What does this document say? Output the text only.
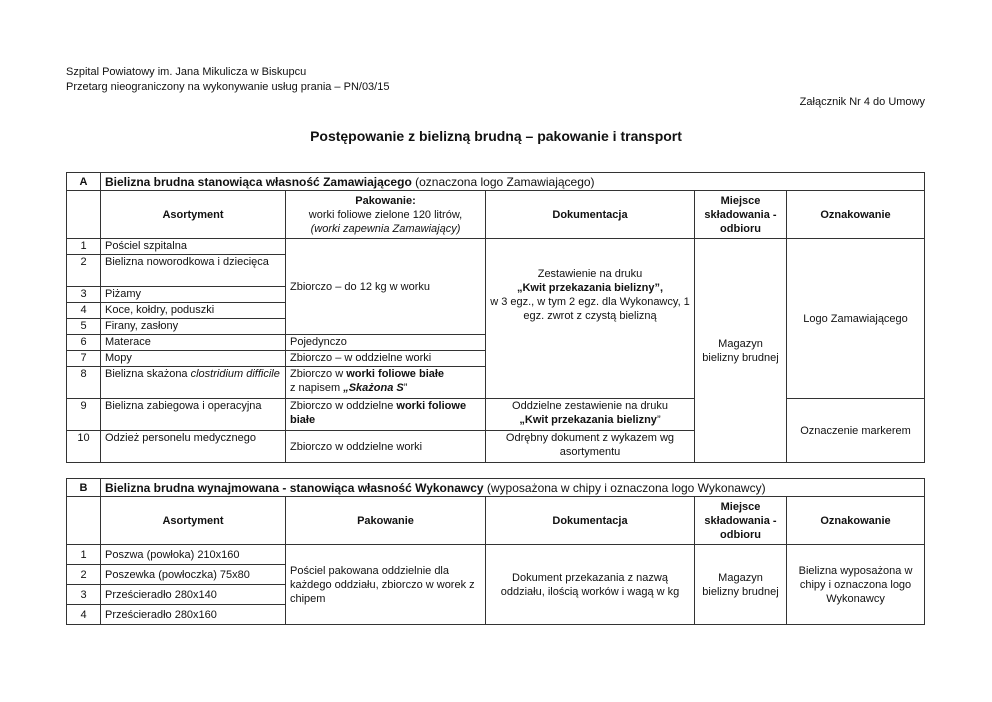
Szpital Powiatowy im. Jana Mikulicza w Biskupcu
Przetarg nieograniczony na wykonywanie usług prania – PN/03/15
Załącznik Nr 4 do Umowy
Postępowanie z bielizną brudną – pakowanie i transport
A	Bielizna brudna stanowiąca własność Zamawiającego (oznaczona logo Zamawiającego)				
	Asortyment	Pakowanie:
worki foliowe zielone 120 litrów,
(worki zapewnia Zamawiający)	Dokumentacja	Miejsce składowania - odbioru	Oznakowanie
1	Pościel szpitalna	Zbiorczo – do 12 kg w worku	Zestawienie na druku
„Kwit przekazania bielizny”,
w 3 egz., w tym 2 egz. dla Wykonawcy, 1 egz. zwrot z czystą bielizną	Magazyn bielizny brudnej	Logo Zamawiającego
2	Bielizna noworodkowa i dziecięca				
3	Piżamy				
4	Koce, kołdry, poduszki				
5	Firany, zasłony				
6	Materace	Pojedynczo			
7	Mopy	Zbiorczo – w oddzielne worki			
8	Bielizna skażona clostridium difficile	Zbiorczo w worki foliowe białe
z napisem „Skażona S”			
9	Bielizna zabiegowa i operacyjna	Zbiorczo w oddzielne worki foliowe białe	Oddzielne zestawienie na druku
„Kwit przekazania bielizny”		Oznaczenie markerem
10	Odzież personelu medycznego	Zbiorczo w oddzielne worki	Odrębny dokument z wykazem wg asortymentu		
B	Bielizna brudna wynajmowana - stanowiąca własność Wykonawcy (wyposażona w chipy i oznaczona logo Wykonawcy)				
	Asortyment	Pakowanie	Dokumentacja	Miejsce składowania - odbioru	Oznakowanie
1	Poszwa (powłoka) 210x160	Pościel pakowana oddzielnie dla każdego oddziału, zbiorczo w worek z chipem	Dokument przekazania z nazwą oddziału, ilością worków i wagą w kg	Magazyn bielizny brudnej	Bielizna wyposażona w chipy i oznaczona logo Wykonawcy
2	Poszewka (powłoczka) 75x80				
3	Prześcieradło 280x140				
4	Prześcieradło 280x160				
